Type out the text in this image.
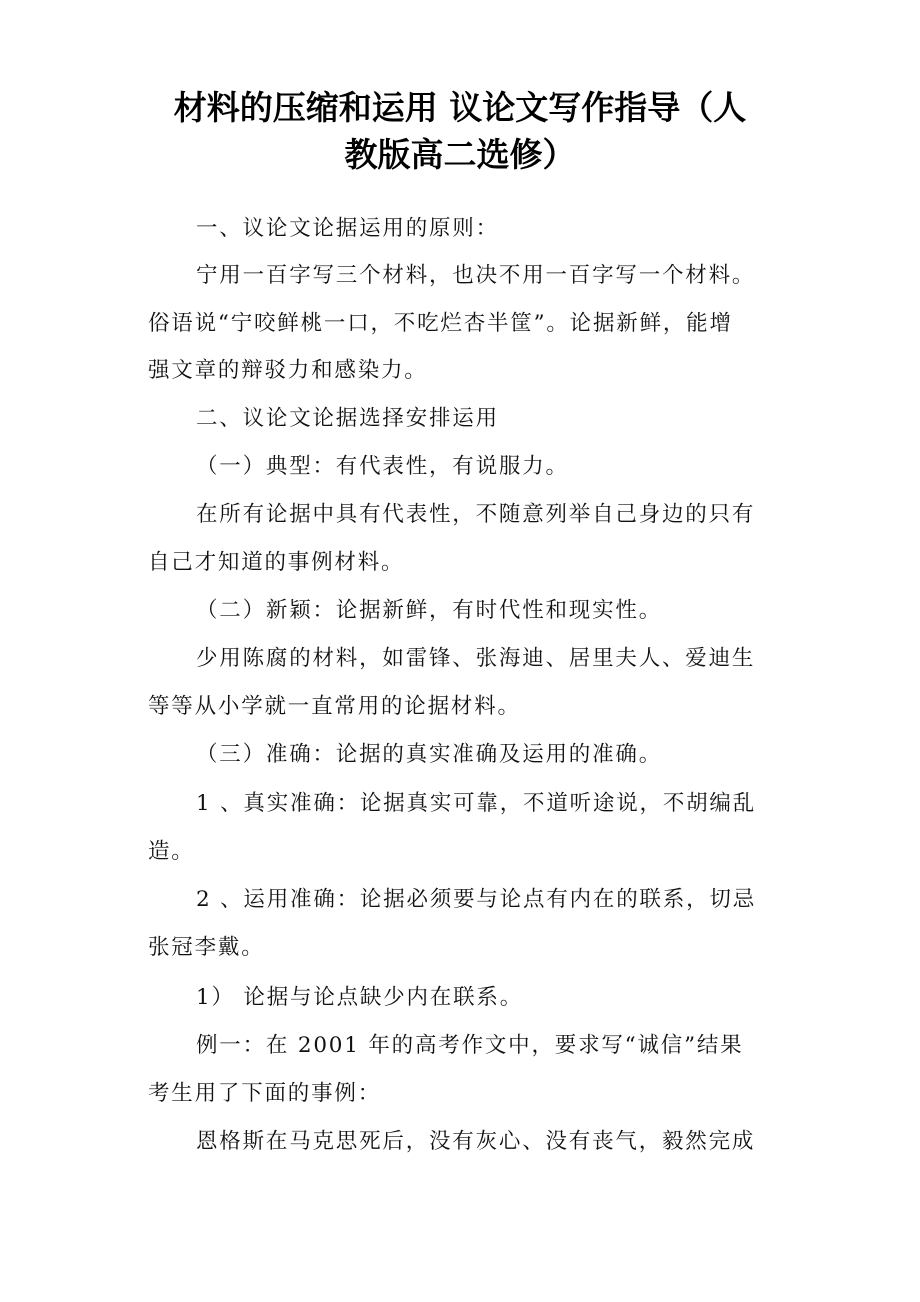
材料的压缩和运用 议论文写作指导（人
教版高二选修）
一、议论文论据运用的原则：
宁用一百字写三个材料，也决不用一百字写一个材料。
俗语说“宁咬鲜桃一口，不吃烂杏半筐”。论据新鲜，能增
强文章的辩驳力和感染力。
二、议论文论据选择安排运用
（一）典型：有代表性，有说服力。
在所有论据中具有代表性，不随意列举自己身边的只有
自己才知道的事例材料。
（二）新颖：论据新鲜，有时代性和现实性。
少用陈腐的材料，如雷锋、张海迪、居里夫人、爱迪生
等等从小学就一直常用的论据材料。
（三）准确：论据的真实准确及运用的准确。
1 、真实准确：论据真实可靠，不道听途说，不胡编乱
造。
2 、运用准确：论据必须要与论点有内在的联系，切忌
张冠李戴。
1） 论据与论点缺少内在联系。
例一：在 2001 年的高考作文中，要求写“诚信”结果
考生用了下面的事例：
恩格斯在马克思死后，没有灰心、没有丧气，毅然完成
